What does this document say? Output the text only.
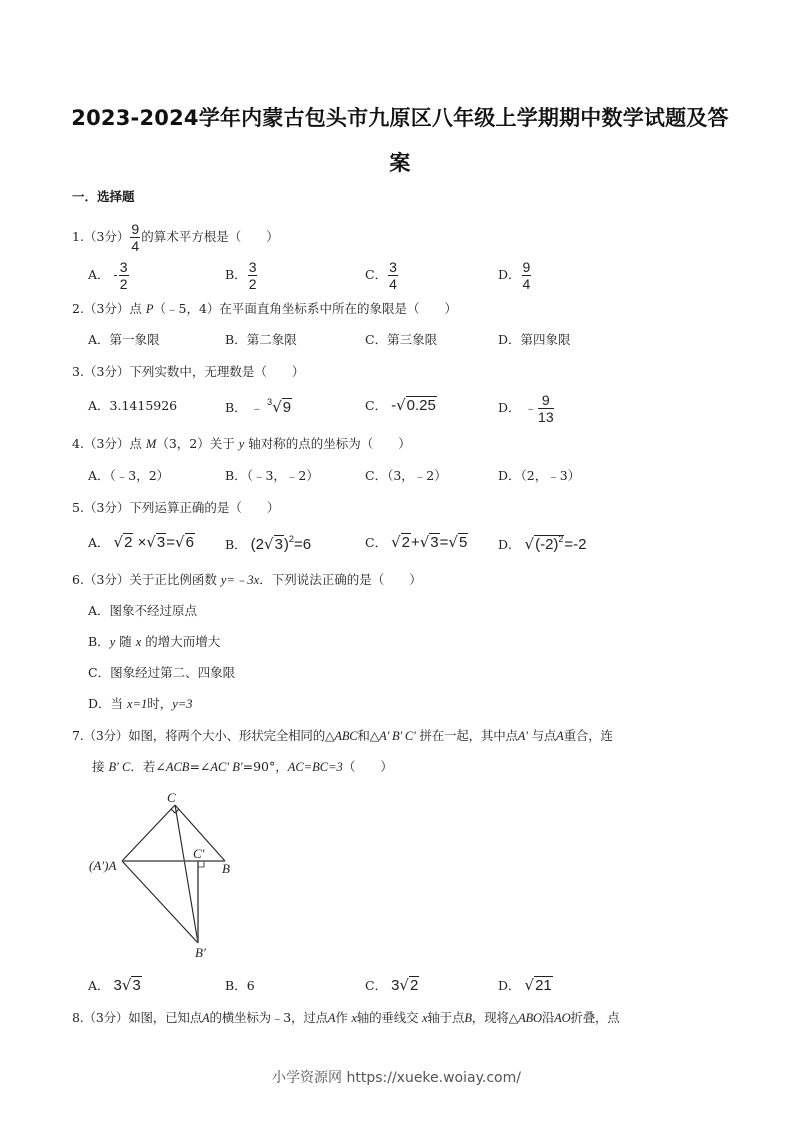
2023-2024学年内蒙古包头市九原区八年级上学期期中数学试题及答
案
一．选择题
1.（3分） $\frac{9}{4}$ 的算术平方根是（　　）
A． - $\frac{3}{2}$	B． $\frac{3}{2}$	C． $\frac{3}{4}$	D． $\frac{9}{4}$
2.（3分）点 P（﹣5，4）在平面直角坐标系中所在的象限是（　　）
A．第一象限	B．第二象限	C．第三象限	D．第四象限
3.（3分）下列实数中，无理数是（　　）
A．3.1415926	B． ﹣ $^3$√9	C． -√0.25	D． ﹣ $\frac{9}{13}$
4.（3分）点 M（3，2）关于 y 轴对称的点的坐标为（　　）
A．（﹣3，2）	B．（﹣3，﹣2）	C．（3，﹣2）	D．（2，﹣3）
5.（3分）下列运算正确的是（　　）
A． √2 ×√3=√6 B． $(2√3)^2=6$	C． √2+√3=√5 D． $√(-2)^2=-2$
6.（3分）关于正比例函数 y=﹣3x．下列说法正确的是（　　）
A．图象不经过原点
B．y 随 x 的增大而增大
C．图象经过第二、四象限
D．当 x=1时，y=3
7.（3分）如图，将两个大小、形状完全相同的△ABC和△A′ B′ C′ 拼在一起，其中点A′ 与点A重合，连
接 B′ C．若∠ACB=∠AC′ B′=90°，AC=BC=3（　　）
C
C′
(A′)A	B
B′
A． 3√3	B．6	C． 3√2	D． √21
8.（3分）如图，已知点A的横坐标为﹣3，过点A作 x轴的垂线交 x轴于点B，现将△ABO沿AO折叠，点
小学资源网 https://xueke.woiay.com/
